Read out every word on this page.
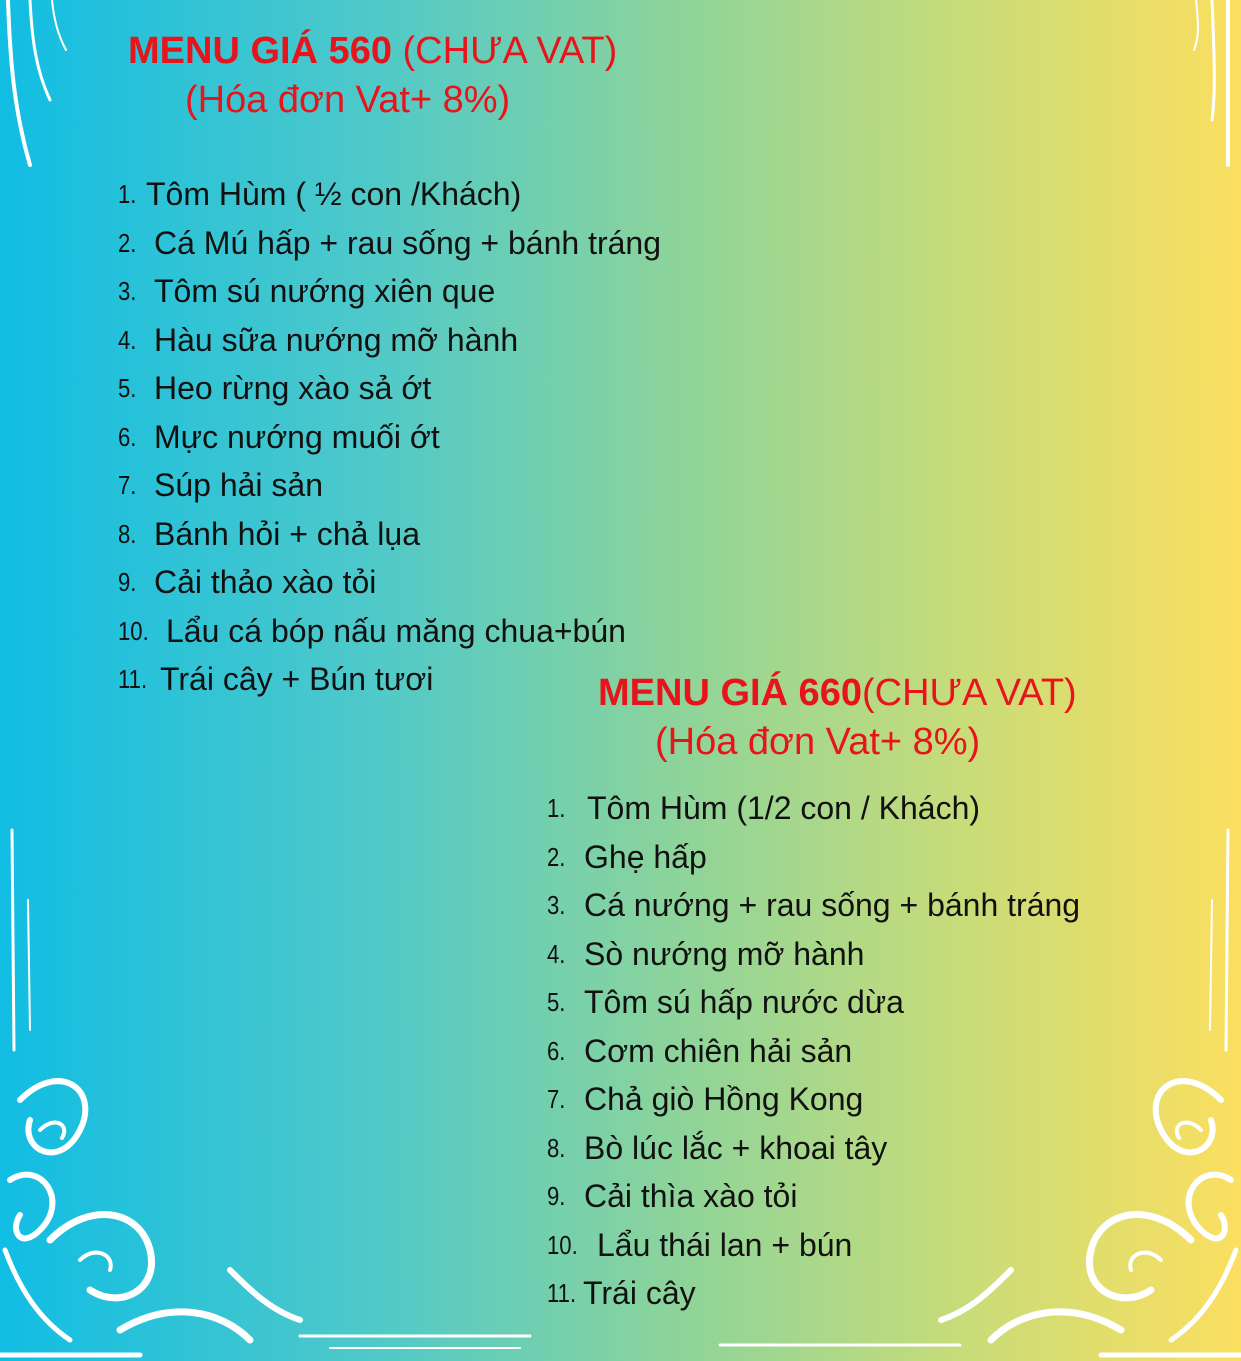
MENU GIÁ 560 (CHƯA VAT)
(Hóa đơn Vat+ 8%)
1. Tôm Hùm ( ½ con /Khách)
2. Cá Mú hấp + rau sống + bánh tráng
3. Tôm sú nướng xiên que
4. Hàu sữa nướng mỡ hành
5. Heo rừng xào sả ớt
6. Mực nướng muối ớt
7. Súp hải sản
8. Bánh hỏi + chả lụa
9. Cải thảo xào tỏi
10. Lẩu cá bóp nấu măng chua+bún
11. Trái cây + Bún tươi	MENU GIÁ 660(CHƯA VAT)
(Hóa đơn Vat+ 8%)
1. Tôm Hùm (1/2 con / Khách)
2. Ghẹ hấp
3. Cá nướng + rau sống + bánh tráng
4. Sò nướng mỡ hành
5. Tôm sú hấp nước dừa
6. Cơm chiên hải sản
7. Chả giò Hồng Kong
8. Bò lúc lắc + khoai tây
9. Cải thìa xào tỏi
10. Lẩu thái lan + bún
11. Trái cây
